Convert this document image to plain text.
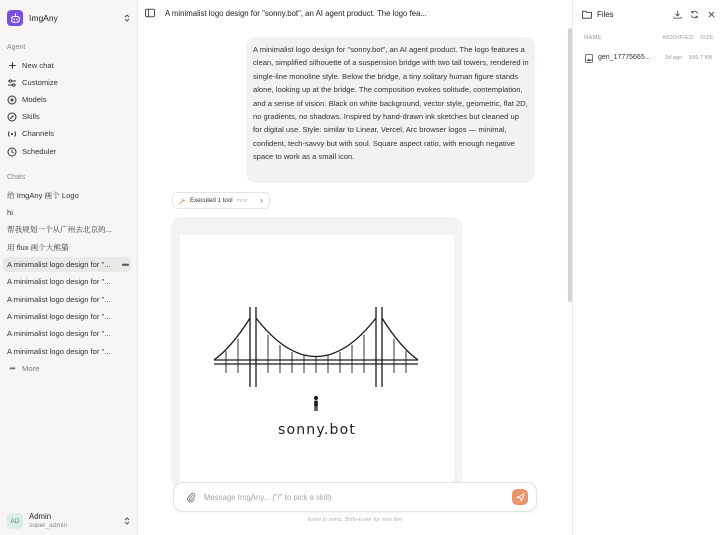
ImgAny
Agent
New chat
Customize
Models
Skills
Channels
Scheduler
Chats
给 ImgAny 画个 Logo
hi
帮我规划一个从广州去北京的...
用 flux 画个大熊猫
A minimalist logo design for "...	•••
A minimalist logo design for "...
A minimalist logo design for "...
A minimalist logo design for "...
A minimalist logo design for "...
A minimalist logo design for "...
••• More
AD	Admin
super_admin
A minimalist logo design for "sonny.bot", an AI agent product. The logo fea...
A minimalist logo design for "sonny.bot", an AI agent product. The logo features a clean, simplified silhouette of a suspension bridge with two tall towers, rendered in single-line monoline style. Below the bridge, a tiny solitary human figure stands alone, looking up at the bridge. The composition evokes solitude, contemplation, and a sense of vision. Black on white background, vector style, geometric, flat 2D, no gradients, no shadows. Inspired by hand-drawn ink sketches but cleaned up for digital use. Style: similar to Linear, Vercel, Arc browser logos — minimal, confident, tech-savvy but with soul. Square aspect ratio, with enough negative space to work as a small icon.
Executed 1 tool mmc ›
sonny.bot
Message ImgAny... ("/" to pick a skill)
Enter to send, Shift+Enter for new line
Files
NAME	MODIFIED SIZE
gen_17775665...	2d ago 599.7 KB
